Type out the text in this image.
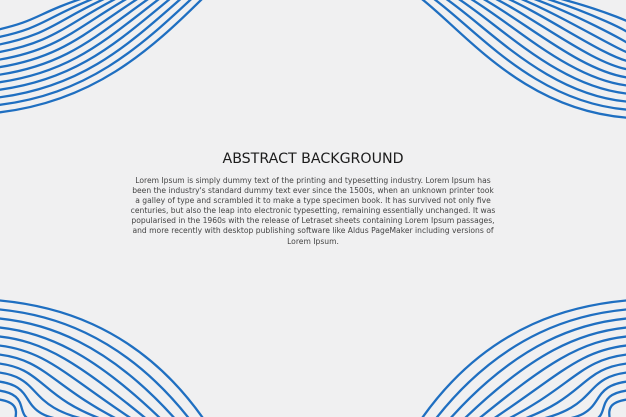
ABSTRACT BACKGROUND

Lorem Ipsum is simply dummy text of the printing and typesetting industry. Lorem Ipsum has been the industry's standard dummy text ever since the 1500s, when an unknown printer took a galley of type and scrambled it to make a type specimen book. It has survived not only five centuries, but also the leap into electronic typesetting, remaining essentially unchanged. It was popularised in the 1960s with the release of Letraset sheets containing Lorem Ipsum passages, and more recently with desktop publishing software like Aldus PageMaker including versions of Lorem Ipsum.
